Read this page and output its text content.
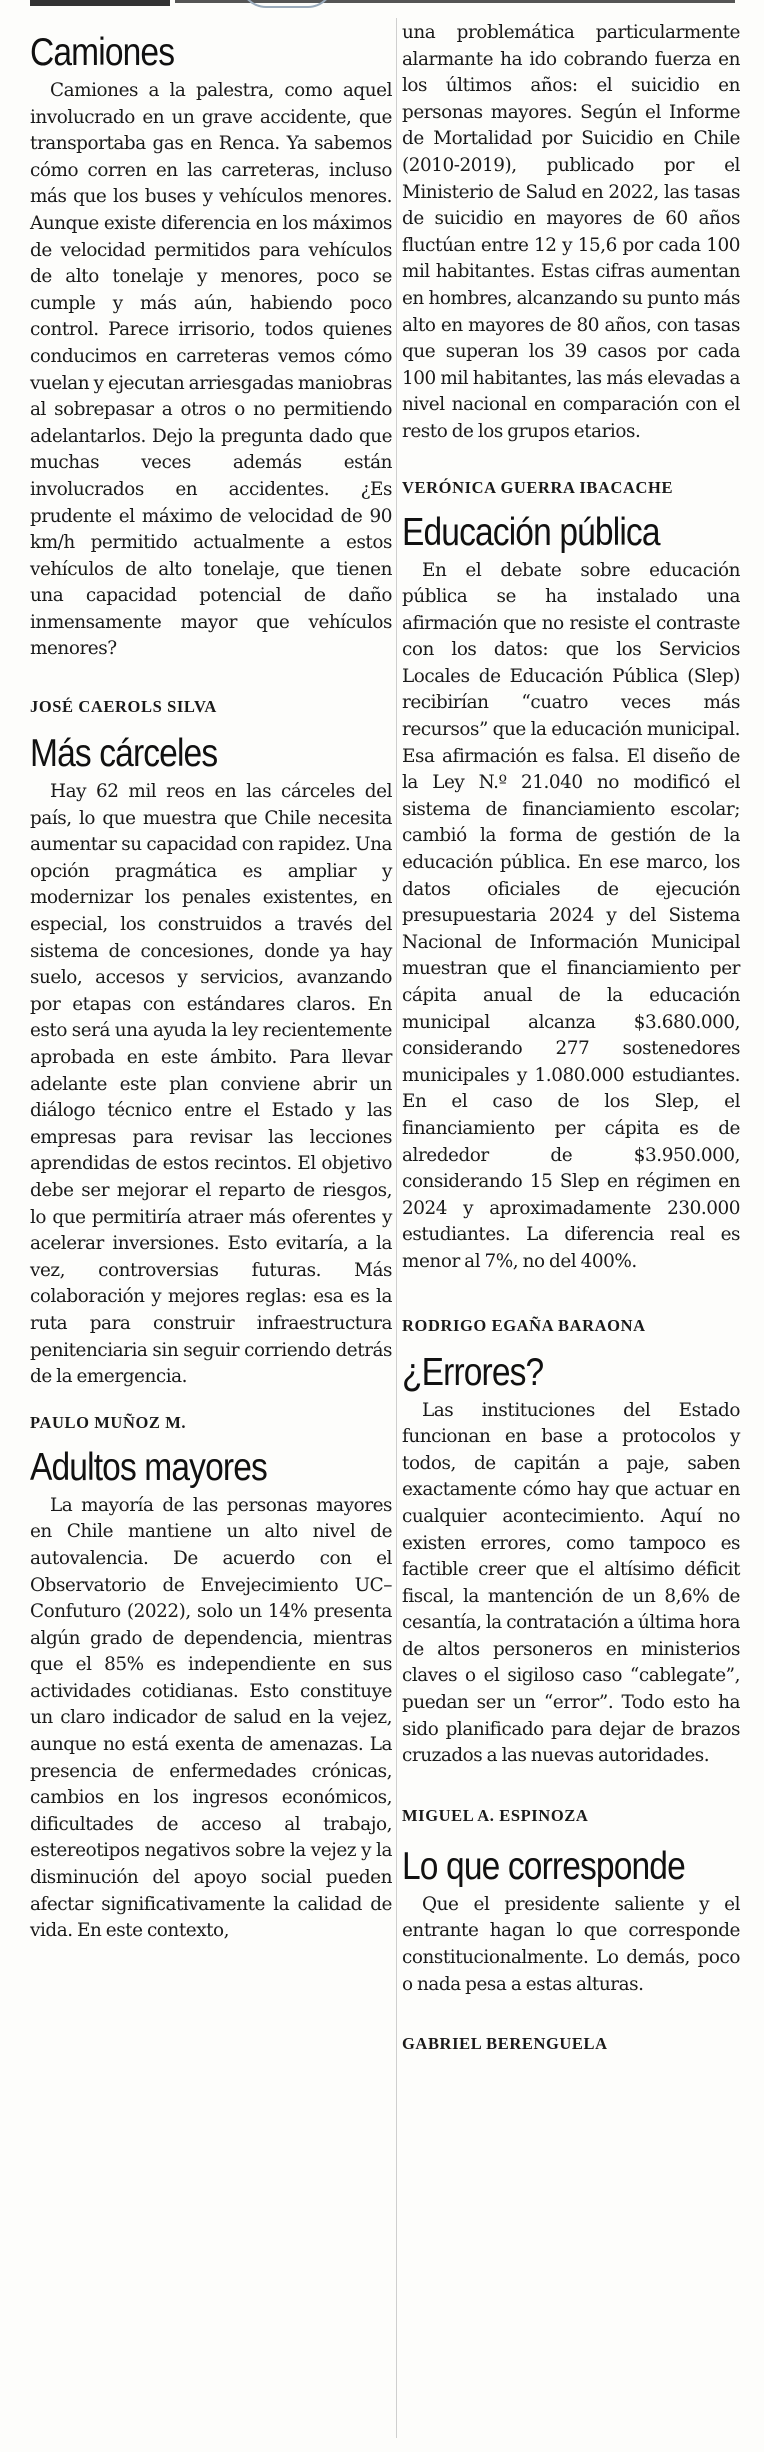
Camiones

Camiones a la palestra, como aquel involucrado en un grave accidente, que transportaba gas en Renca. Ya sabemos cómo corren en las carreteras, incluso más que los buses y vehículos menores. Aunque existe diferencia en los máximos de velocidad permitidos para vehículos de alto tonelaje y menores, poco se cumple y más aún, habiendo poco control. Parece irrisorio, todos quienes conducimos en carreteras vemos cómo vuelan y ejecutan arriesgadas maniobras al sobrepasar a otros o no permitiendo adelantarlos. Dejo la pregunta dado que muchas veces además están involucrados en accidentes. ¿Es prudente el máximo de velocidad de 90 km/h permitido actualmente a estos vehículos de alto tonelaje, que tienen una capacidad potencial de daño inmensamente mayor que vehículos menores?

JOSÉ CAEROLS SILVA

Más cárceles

Hay 62 mil reos en las cárceles del país, lo que muestra que Chile necesita aumentar su capacidad con rapidez. Una opción pragmática es ampliar y modernizar los penales existentes, en especial, los construidos a través del sistema de concesiones, donde ya hay suelo, accesos y servicios, avanzando por etapas con estándares claros. En esto será una ayuda la ley recientemente aprobada en este ámbito. Para llevar adelante este plan conviene abrir un diálogo técnico entre el Estado y las empresas para revisar las lecciones aprendidas de estos recintos. El objetivo debe ser mejorar el reparto de riesgos, lo que permitiría atraer más oferentes y acelerar inversiones. Esto evitaría, a la vez, controversias futuras. Más colaboración y mejores reglas: esa es la ruta para construir infraestructura penitenciaria sin seguir corriendo detrás de la emergencia.

PAULO MUÑOZ M.

Adultos mayores

La mayoría de las personas mayores en Chile mantiene un alto nivel de autovalencia. De acuerdo con el Observatorio de Envejecimiento UC–Confuturo (2022), solo un 14% presenta algún grado de dependencia, mientras que el 85% es independiente en sus actividades cotidianas. Esto constituye un claro indicador de salud en la vejez, aunque no está exenta de amenazas. La presencia de enfermedades crónicas, cambios en los ingresos económicos, dificultades de acceso al trabajo, estereotipos negativos sobre la vejez y la disminución del apoyo social pueden afectar significativamente la calidad de vida. En este contexto,

una problemática particularmente alarmante ha ido cobrando fuerza en los últimos años: el suicidio en personas mayores. Según el Informe de Mortalidad por Suicidio en Chile (2010-2019), publicado por el Ministerio de Salud en 2022, las tasas de suicidio en mayores de 60 años fluctúan entre 12 y 15,6 por cada 100 mil habitantes. Estas cifras aumentan en hombres, alcanzando su punto más alto en mayores de 80 años, con tasas que superan los 39 casos por cada 100 mil habitantes, las más elevadas a nivel nacional en comparación con el resto de los grupos etarios.

VERÓNICA GUERRA IBACACHE

Educación pública

En el debate sobre educación pública se ha instalado una afirmación que no resiste el contraste con los datos: que los Servicios Locales de Educación Pública (Slep) recibirían “cuatro veces más recursos” que la educación municipal. Esa afirmación es falsa. El diseño de la Ley N.º 21.040 no modificó el sistema de financiamiento escolar; cambió la forma de gestión de la educación pública. En ese marco, los datos oficiales de ejecución presupuestaria 2024 y del Sistema Nacional de Información Municipal muestran que el financiamiento per cápita anual de la educación municipal alcanza $3.680.000, considerando 277 sostenedores municipales y 1.080.000 estudiantes. En el caso de los Slep, el financiamiento per cápita es de alrededor de $3.950.000, considerando 15 Slep en régimen en 2024 y aproximadamente 230.000 estudiantes. La diferencia real es menor al 7%, no del 400%.

RODRIGO EGAÑA BARAONA

¿Errores?

Las instituciones del Estado funcionan en base a protocolos y todos, de capitán a paje, saben exactamente cómo hay que actuar en cualquier acontecimiento. Aquí no existen errores, como tampoco es factible creer que el altísimo déficit fiscal, la mantención de un 8,6% de cesantía, la contratación a última hora de altos personeros en ministerios claves o el sigiloso caso “cablegate”, puedan ser un “error”. Todo esto ha sido planificado para dejar de brazos cruzados a las nuevas autoridades.

MIGUEL A. ESPINOZA

Lo que corresponde

Que el presidente saliente y el entrante hagan lo que corresponde constitucionalmente. Lo demás, poco o nada pesa a estas alturas.

GABRIEL BERENGUELA
